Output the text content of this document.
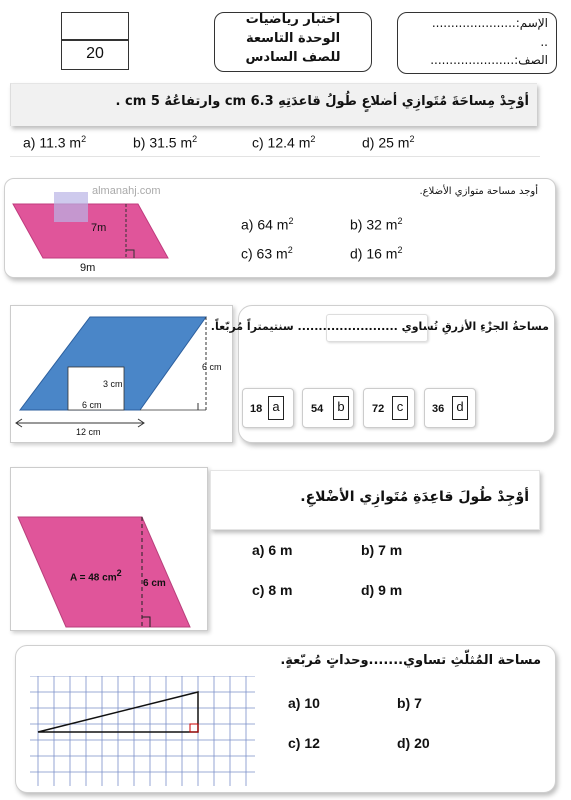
20
اختبار رياضيات
الوحدة التاسعة
للصف السادس
الإسم:......................
..
الصف:......................
أوْجِدْ مِساحَةَ مُتَوازِي أضلاعٍ طُولُ قاعدَتِهِ 6.3 cm وارتفاعُهُ 5 cm .
a) 11.3 $m^2$	b) 31.5 $m^2$	c) 12.4 $m^2$	d) 25 $m^2$
7m
9m
almanahj.com	أوجد مساحة متوازي الأضلاع.
a) 64 $m^2$	b) 32 $m^2$
c) 63 $m^2$	d) 16 $m^2$
6 cm
3 cm
6 cm
12 cm
مساحةُ الجزْءِ الأزرقِ تُساوي ........................ سنتيمتراً مُربّعاً.
18 a	54	b	72 c	36 d
A = 48 $cm^2$
6 cm
أوْجِدْ طُولَ قاعِدَةِ مُتَوازِي الأضْلاعِ.
a) 6 m	b) 7 m
c) 8 m	d) 9 m
مساحة المُثلّثِ تساوي.......وحداتٍ مُربّعةٍ.
a) 10	b) 7
c) 12	d) 20
